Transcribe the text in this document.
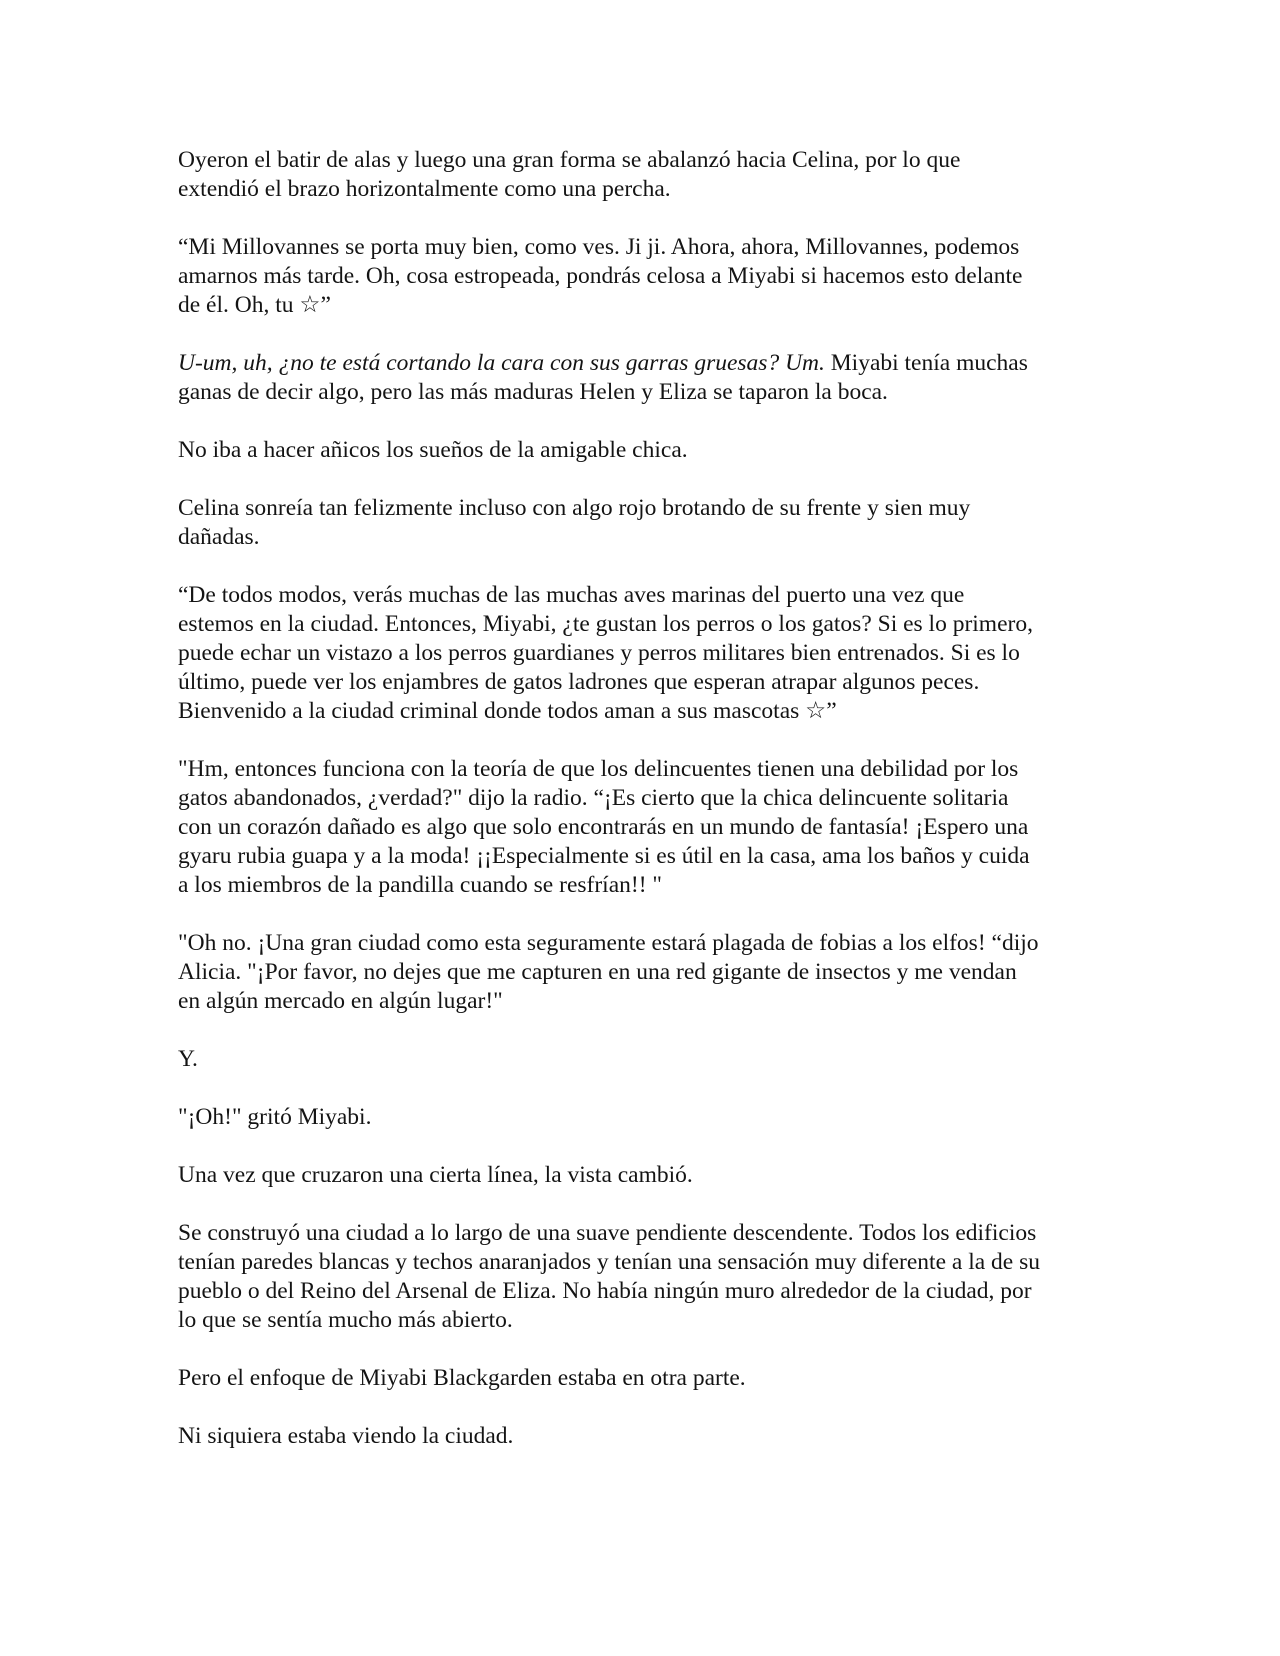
Oyeron el batir de alas y luego una gran forma se abalanzó hacia Celina, por lo que
extendió el brazo horizontalmente como una percha.

“Mi Millovannes se porta muy bien, como ves. Ji ji. Ahora, ahora, Millovannes, podemos
amarnos más tarde. Oh, cosa estropeada, pondrás celosa a Miyabi si hacemos esto delante
de él. Oh, tu ☆”

U-um, uh, ¿no te está cortando la cara con sus garras gruesas? Um. Miyabi tenía muchas
ganas de decir algo, pero las más maduras Helen y Eliza se taparon la boca.

No iba a hacer añicos los sueños de la amigable chica.

Celina sonreía tan felizmente incluso con algo rojo brotando de su frente y sien muy
dañadas.

“De todos modos, verás muchas de las muchas aves marinas del puerto una vez que
estemos en la ciudad. Entonces, Miyabi, ¿te gustan los perros o los gatos? Si es lo primero,
puede echar un vistazo a los perros guardianes y perros militares bien entrenados. Si es lo
último, puede ver los enjambres de gatos ladrones que esperan atrapar algunos peces.
Bienvenido a la ciudad criminal donde todos aman a sus mascotas ☆”

"Hm, entonces funciona con la teoría de que los delincuentes tienen una debilidad por los
gatos abandonados, ¿verdad?" dijo la radio. “¡Es cierto que la chica delincuente solitaria
con un corazón dañado es algo que solo encontrarás en un mundo de fantasía! ¡Espero una
gyaru rubia guapa y a la moda! ¡¡Especialmente si es útil en la casa, ama los baños y cuida
a los miembros de la pandilla cuando se resfrían!! "

"Oh no. ¡Una gran ciudad como esta seguramente estará plagada de fobias a los elfos! “dijo
Alicia. "¡Por favor, no dejes que me capturen en una red gigante de insectos y me vendan
en algún mercado en algún lugar!"

Y.

"¡Oh!" gritó Miyabi.

Una vez que cruzaron una cierta línea, la vista cambió.

Se construyó una ciudad a lo largo de una suave pendiente descendente. Todos los edificios
tenían paredes blancas y techos anaranjados y tenían una sensación muy diferente a la de su
pueblo o del Reino del Arsenal de Eliza. No había ningún muro alrededor de la ciudad, por
lo que se sentía mucho más abierto.

Pero el enfoque de Miyabi Blackgarden estaba en otra parte.

Ni siquiera estaba viendo la ciudad.
